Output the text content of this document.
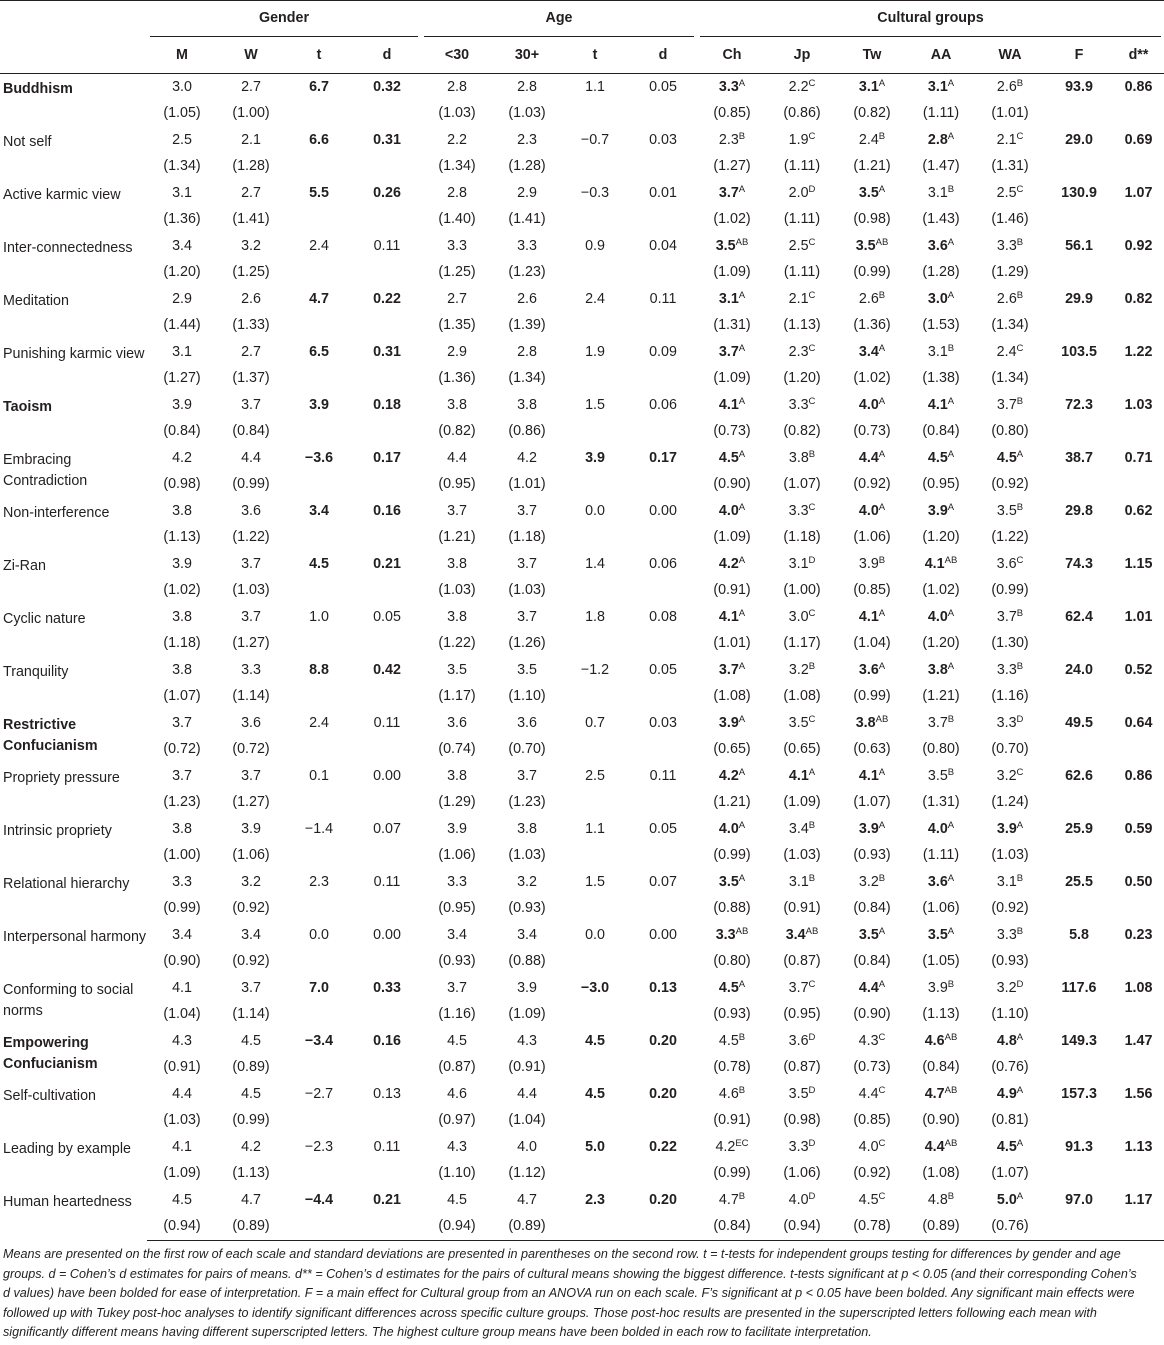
	Gender				Age				Cultural groups						

	M	W	t	d	<30	30+	t	d	Ch	Jp	Tw	AA	WA	F	d**
Buddhism	3.0	2.7	6.7	0.32	2.8	2.8	1.1	0.05	$3.3^A$	$2.2^C$	$3.1^A$	$3.1^A$	$2.6^B$	93.9	0.86
	(1.05)	(1.00)			(1.03)	(1.03)			(0.85)	(0.86)	(0.82)	(1.11)	(1.01)		
Not self	2.5	2.1	6.6	0.31	2.2	2.3	−0.7	0.03	$2.3^B$	$1.9^C$	$2.4^B$	$2.8^A$	$2.1^C$	29.0	0.69
	(1.34)	(1.28)			(1.34)	(1.28)			(1.27)	(1.11)	(1.21)	(1.47)	(1.31)		
Active karmic view	3.1	2.7	5.5	0.26	2.8	2.9	−0.3	0.01	$3.7^A$	$2.0^D$	$3.5^A$	$3.1^B$	$2.5^C$	130.9	1.07
	(1.36)	(1.41)			(1.40)	(1.41)			(1.02)	(1.11)	(0.98)	(1.43)	(1.46)		
Inter-connectedness	3.4	3.2	2.4	0.11	3.3	3.3	0.9	0.04	$3.5^{AB}$	$2.5^C$	$3.5^{AB}$	$3.6^A$	$3.3^B$	56.1	0.92
	(1.20)	(1.25)			(1.25)	(1.23)			(1.09)	(1.11)	(0.99)	(1.28)	(1.29)		
Meditation	2.9	2.6	4.7	0.22	2.7	2.6	2.4	0.11	$3.1^A$	$2.1^C$	$2.6^B$	$3.0^A$	$2.6^B$	29.9	0.82
	(1.44)	(1.33)			(1.35)	(1.39)			(1.31)	(1.13)	(1.36)	(1.53)	(1.34)		
Punishing karmic view	3.1	2.7	6.5	0.31	2.9	2.8	1.9	0.09	$3.7^A$	$2.3^C$	$3.4^A$	$3.1^B$	$2.4^C$	103.5	1.22
	(1.27)	(1.37)			(1.36)	(1.34)			(1.09)	(1.20)	(1.02)	(1.38)	(1.34)		
Taoism	3.9	3.7	3.9	0.18	3.8	3.8	1.5	0.06	$4.1^A$	$3.3^C$	$4.0^A$	$4.1^A$	$3.7^B$	72.3	1.03
	(0.84)	(0.84)			(0.82)	(0.86)			(0.73)	(0.82)	(0.73)	(0.84)	(0.80)		
Embracing Contradiction	4.2	4.4	−3.6	0.17	4.4	4.2	3.9	0.17	$4.5^A$	$3.8^B$	$4.4^A$	$4.5^A$	$4.5^A$	38.7	0.71
	(0.98)	(0.99)			(0.95)	(1.01)			(0.90)	(1.07)	(0.92)	(0.95)	(0.92)		
Non-interference	3.8	3.6	3.4	0.16	3.7	3.7	0.0	0.00	$4.0^A$	$3.3^C$	$4.0^A$	$3.9^A$	$3.5^B$	29.8	0.62
	(1.13)	(1.22)			(1.21)	(1.18)			(1.09)	(1.18)	(1.06)	(1.20)	(1.22)		
Zi-Ran	3.9	3.7	4.5	0.21	3.8	3.7	1.4	0.06	$4.2^A$	$3.1^D$	$3.9^B$	$4.1^{AB}$	$3.6^C$	74.3	1.15
	(1.02)	(1.03)			(1.03)	(1.03)			(0.91)	(1.00)	(0.85)	(1.02)	(0.99)		
Cyclic nature	3.8	3.7	1.0	0.05	3.8	3.7	1.8	0.08	$4.1^A$	$3.0^C$	$4.1^A$	$4.0^A$	$3.7^B$	62.4	1.01
	(1.18)	(1.27)			(1.22)	(1.26)			(1.01)	(1.17)	(1.04)	(1.20)	(1.30)		
Tranquility	3.8	3.3	8.8	0.42	3.5	3.5	−1.2	0.05	$3.7^A$	$3.2^B$	$3.6^A$	$3.8^A$	$3.3^B$	24.0	0.52
	(1.07)	(1.14)			(1.17)	(1.10)			(1.08)	(1.08)	(0.99)	(1.21)	(1.16)		
Restrictive Confucianism	3.7	3.6	2.4	0.11	3.6	3.6	0.7	0.03	$3.9^A$	$3.5^C$	$3.8^{AB}$	$3.7^B$	$3.3^D$	49.5	0.64
	(0.72)	(0.72)			(0.74)	(0.70)			(0.65)	(0.65)	(0.63)	(0.80)	(0.70)		
Propriety pressure	3.7	3.7	0.1	0.00	3.8	3.7	2.5	0.11	$4.2^A$	$4.1^A$	$4.1^A$	$3.5^B$	$3.2^C$	62.6	0.86
	(1.23)	(1.27)			(1.29)	(1.23)			(1.21)	(1.09)	(1.07)	(1.31)	(1.24)		
Intrinsic propriety	3.8	3.9	−1.4	0.07	3.9	3.8	1.1	0.05	$4.0^A$	$3.4^B$	$3.9^A$	$4.0^A$	$3.9^A$	25.9	0.59
	(1.00)	(1.06)			(1.06)	(1.03)			(0.99)	(1.03)	(0.93)	(1.11)	(1.03)		
Relational hierarchy	3.3	3.2	2.3	0.11	3.3	3.2	1.5	0.07	$3.5^A$	$3.1^B$	$3.2^B$	$3.6^A$	$3.1^B$	25.5	0.50
	(0.99)	(0.92)			(0.95)	(0.93)			(0.88)	(0.91)	(0.84)	(1.06)	(0.92)		
Interpersonal harmony	3.4	3.4	0.0	0.00	3.4	3.4	0.0	0.00	$3.3^{AB}$	$3.4^{AB}$	$3.5^A$	$3.5^A$	$3.3^B$	5.8	0.23
	(0.90)	(0.92)			(0.93)	(0.88)			(0.80)	(0.87)	(0.84)	(1.05)	(0.93)		
Conforming to social norms	4.1	3.7	7.0	0.33	3.7	3.9	−3.0	0.13	$4.5^A$	$3.7^C$	$4.4^A$	$3.9^B$	$3.2^D$	117.6	1.08
	(1.04)	(1.14)			(1.16)	(1.09)			(0.93)	(0.95)	(0.90)	(1.13)	(1.10)		
Empowering Confucianism	4.3	4.5	−3.4	0.16	4.5	4.3	4.5	0.20	$4.5^B$	$3.6^D$	$4.3^C$	$4.6^{AB}$	$4.8^A$	149.3	1.47
	(0.91)	(0.89)			(0.87)	(0.91)			(0.78)	(0.87)	(0.73)	(0.84)	(0.76)		
Self-cultivation	4.4	4.5	−2.7	0.13	4.6	4.4	4.5	0.20	$4.6^B$	$3.5^D$	$4.4^C$	$4.7^{AB}$	$4.9^A$	157.3	1.56
	(1.03)	(0.99)			(0.97)	(1.04)			(0.91)	(0.98)	(0.85)	(0.90)	(0.81)		
Leading by example	4.1	4.2	−2.3	0.11	4.3	4.0	5.0	0.22	$4.2^{EC}$	$3.3^D$	$4.0^C$	$4.4^{AB}$	$4.5^A$	91.3	1.13
	(1.09)	(1.13)			(1.10)	(1.12)			(0.99)	(1.06)	(0.92)	(1.08)	(1.07)		
Human heartedness	4.5	4.7	−4.4	0.21	4.5	4.7	2.3	0.20	$4.7^B$	$4.0^D$	$4.5^C$	$4.8^B$	$5.0^A$	97.0	1.17
	(0.94)	(0.89)			(0.94)	(0.89)			(0.84)	(0.94)	(0.78)	(0.89)	(0.76)		
Means are presented on the first row of each scale and standard deviations are presented in parentheses on the second row. t = t-tests for independent groups testing for differences by gender and age groups. d = Cohen’s d estimates for pairs of means. d** = Cohen’s d estimates for the pairs of cultural means showing the biggest difference. t-tests significant at p < 0.05 (and their corresponding Cohen’s d values) have been bolded for ease of interpretation. F = a main effect for Cultural group from an ANOVA run on each scale. F’s significant at p < 0.05 have been bolded. Any significant main effects were followed up with Tukey post-hoc analyses to identify significant differences across specific culture groups. Those post-hoc results are presented in the superscripted letters following each mean with significantly different means having different superscripted letters. The highest culture group means have been bolded in each row to facilitate interpretation.
